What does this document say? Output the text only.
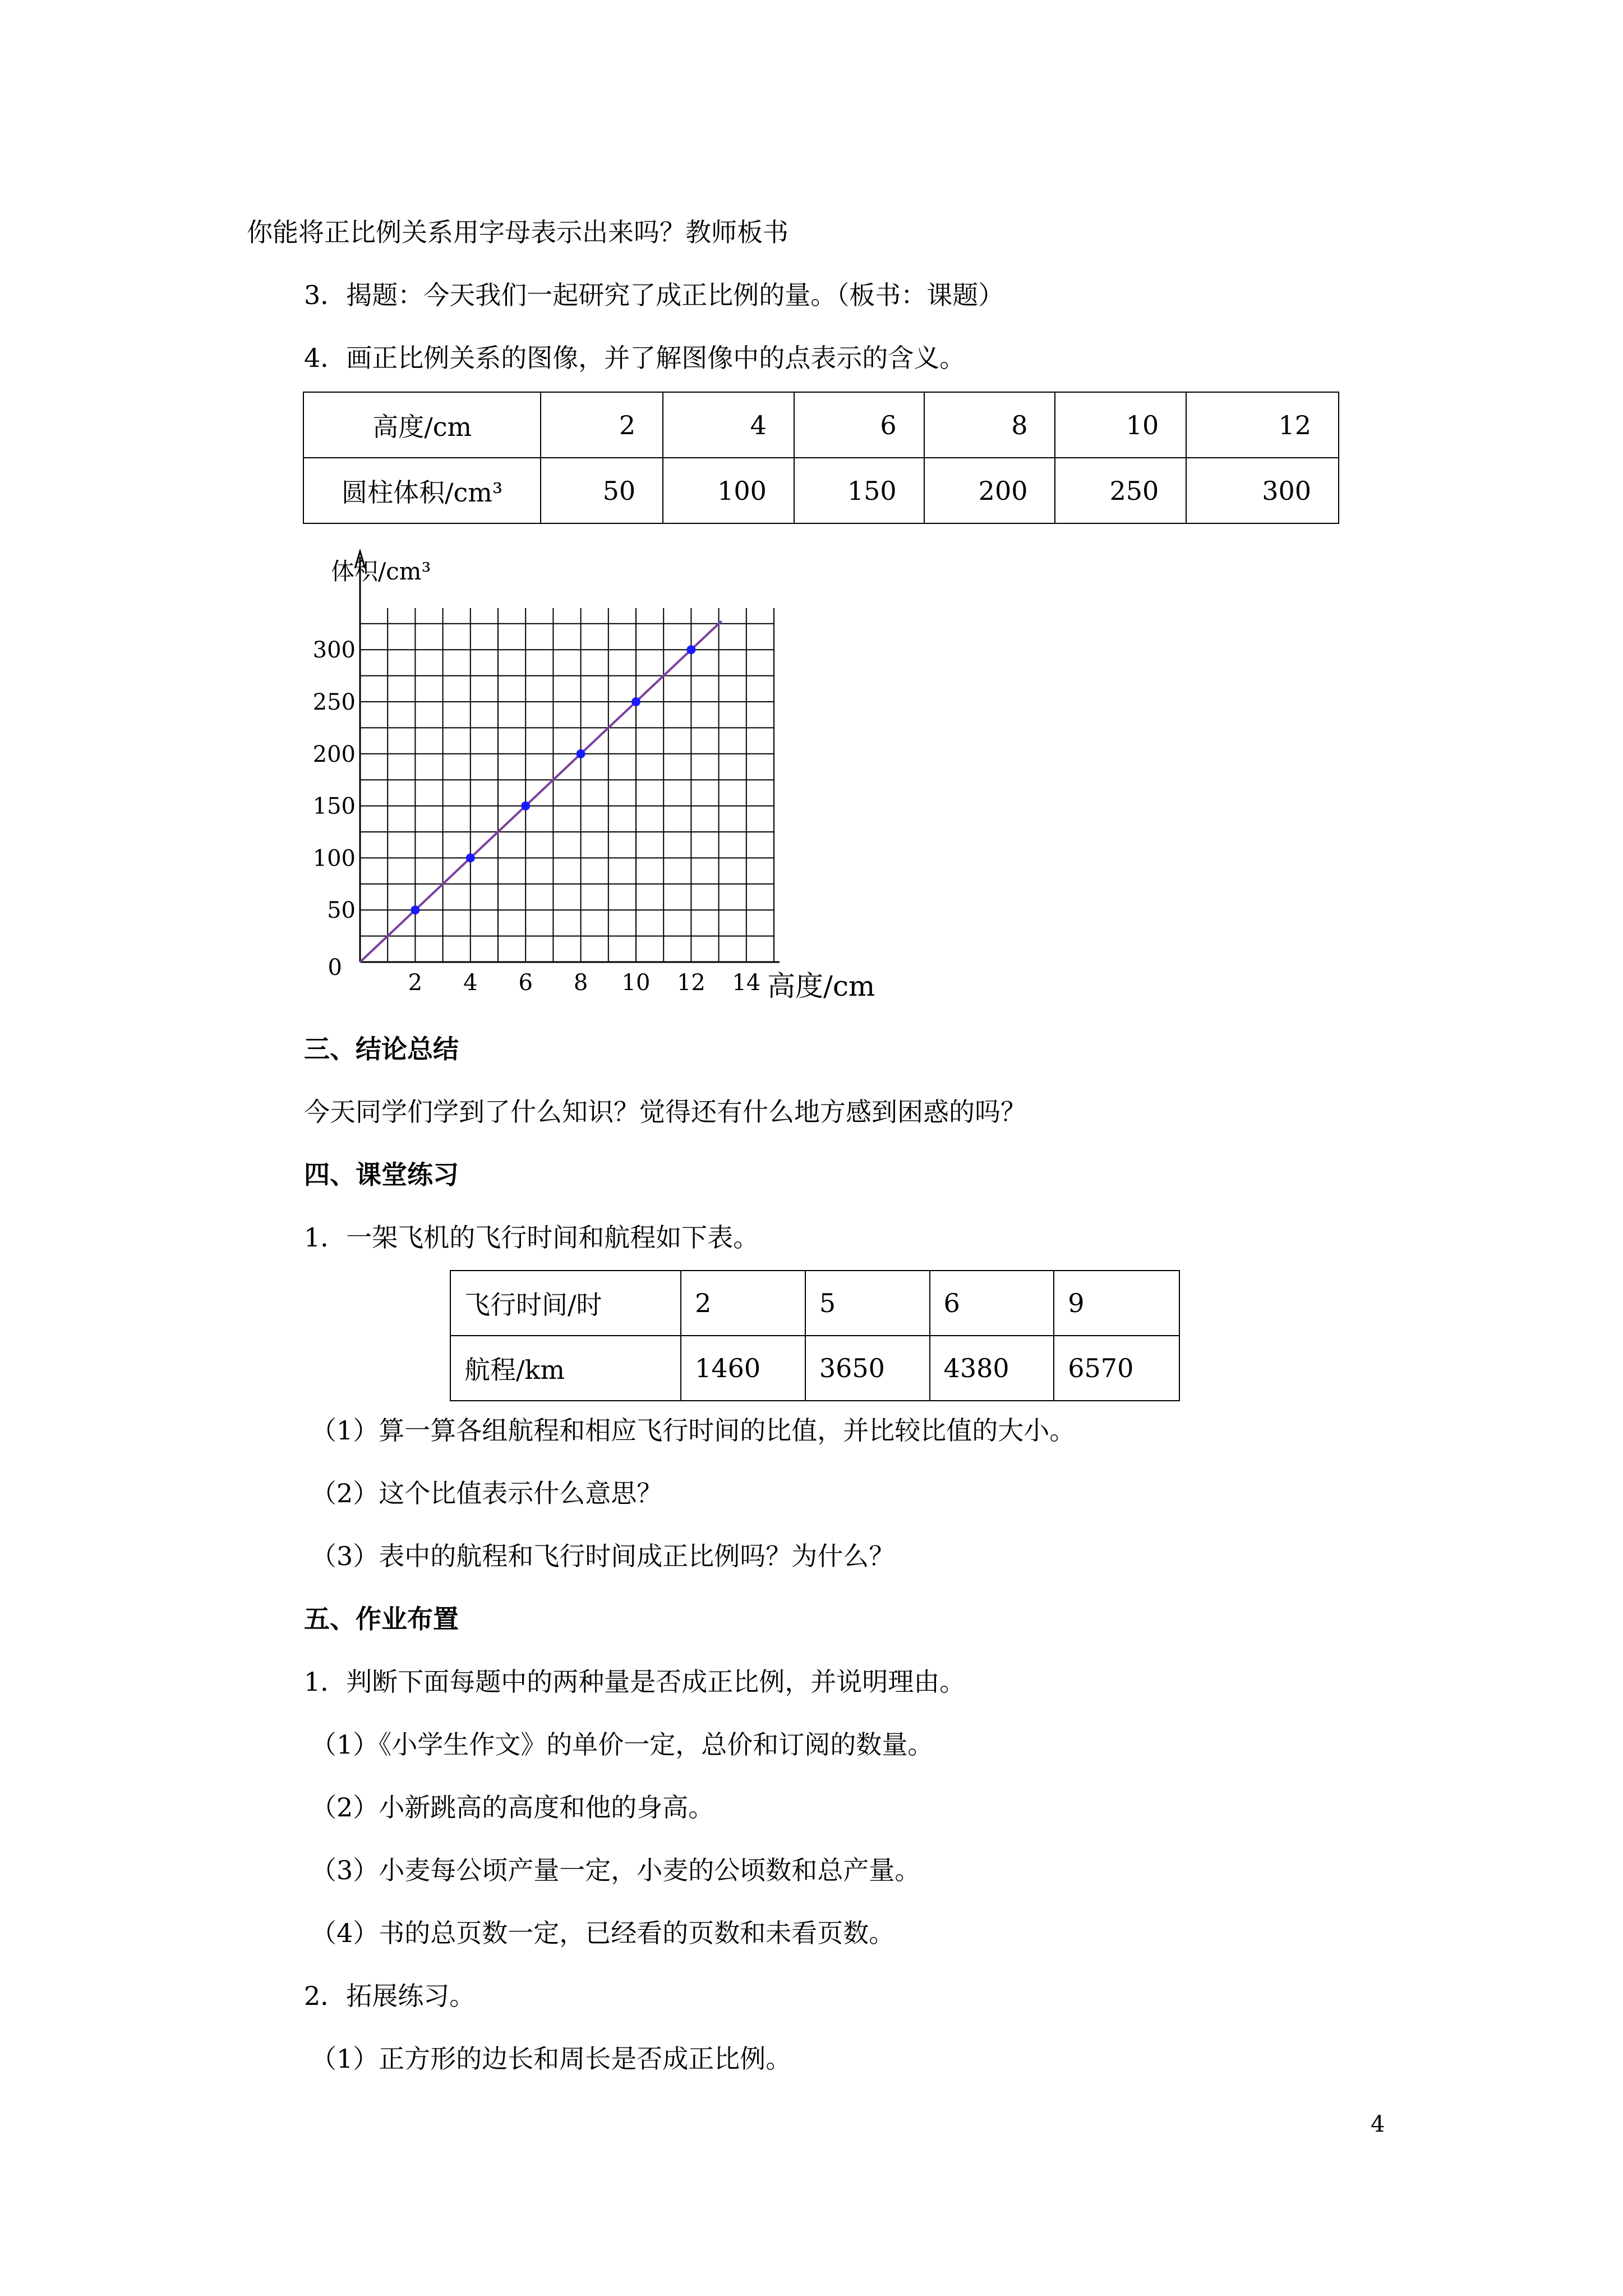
你能将正比例关系用字母表示出来吗？教师板书
3．揭题：今天我们一起研究了成正比例的量。（板书：课题）
4．画正比例关系的图像，并了解图像中的点表示的含义。
高度/cm	2	4	6	8	10	12
圆柱体积/cm³	50	100	150	200	250	300
体积/cm³
高度/cm
0
2 4 6 8 10 12 14
50
100
150
200
250
300
三、结论总结
今天同学们学到了什么知识？觉得还有什么地方感到困惑的吗？
四、课堂练习
1．一架飞机的飞行时间和航程如下表。
飞行时间/时	2	5	6	9
航程/km	1460	3650	4380	6570
（1）算一算各组航程和相应飞行时间的比值，并比较比值的大小。
（2）这个比值表示什么意思？
（3）表中的航程和飞行时间成正比例吗？为什么？
五、作业布置
1．判断下面每题中的两种量是否成正比例，并说明理由。
（1）《小学生作文》的单价一定，总价和订阅的数量。
（2）小新跳高的高度和他的身高。
（3）小麦每公顷产量一定，小麦的公顷数和总产量。
（4）书的总页数一定，已经看的页数和未看页数。
2．拓展练习。
（1）正方形的边长和周长是否成正比例。
4
